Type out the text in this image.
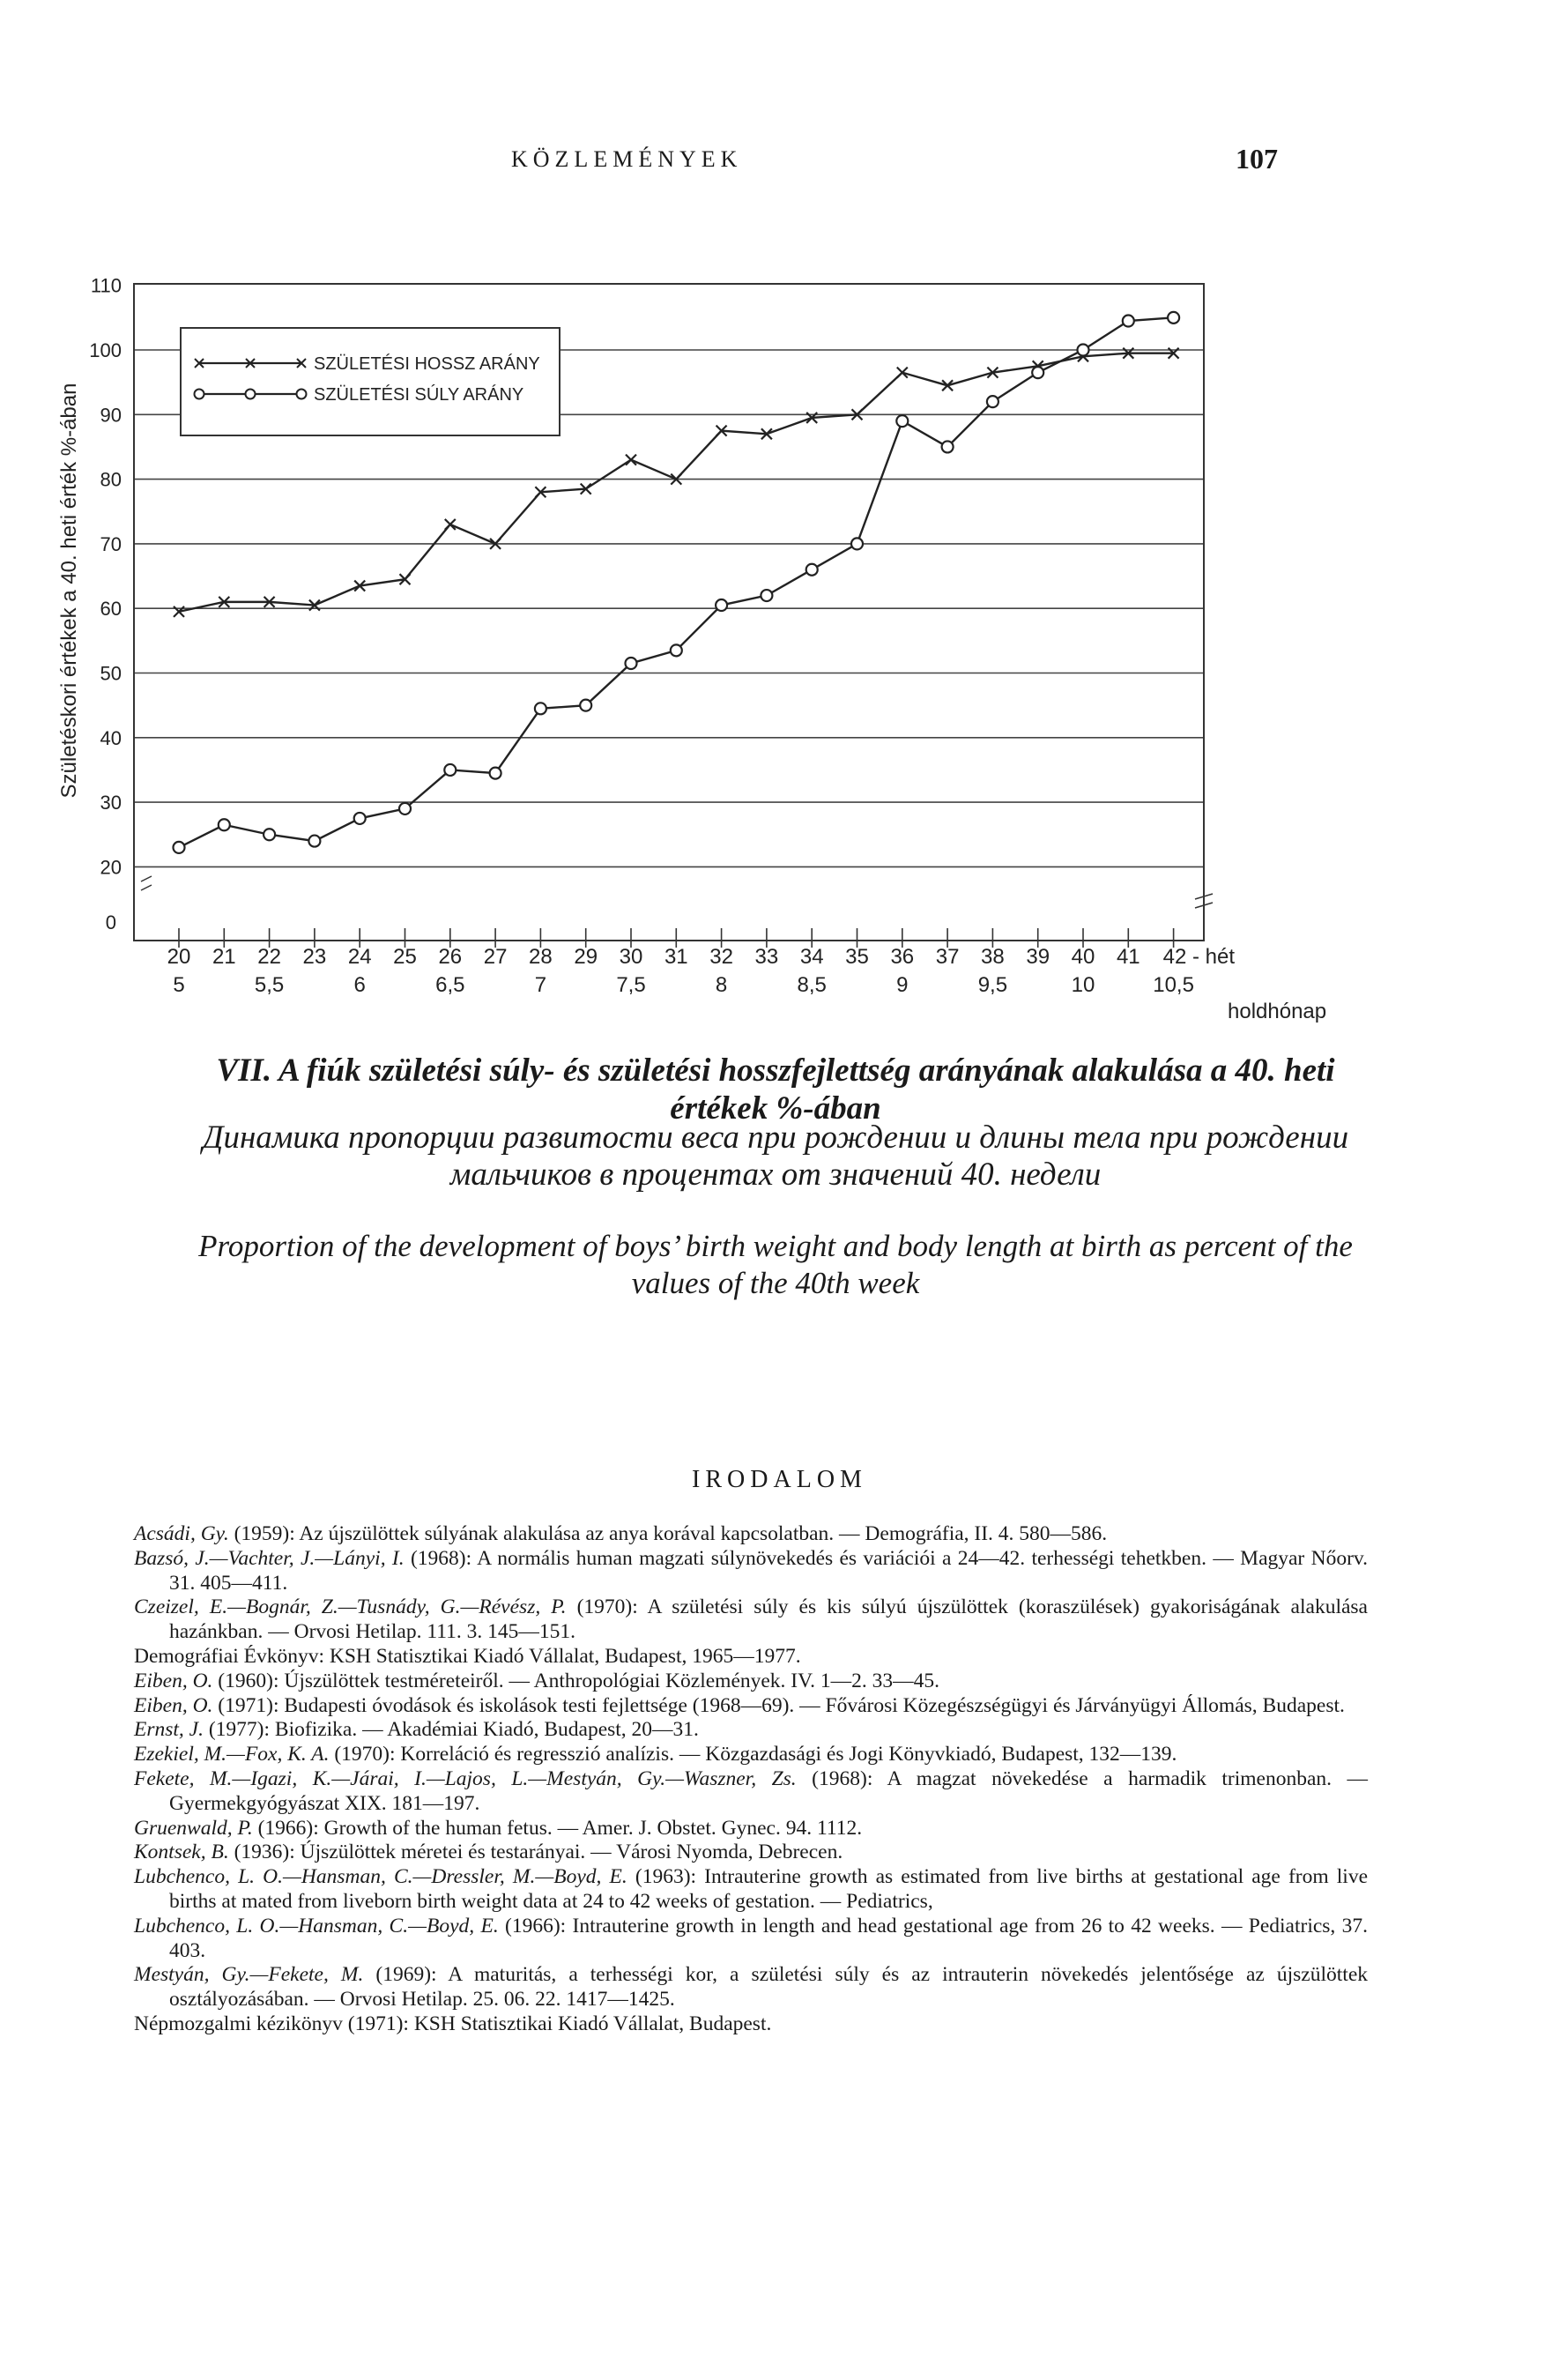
KÖZLEMÉNYEK	107
20
30
40
50
60
70
80
90
100
110
0
20 21 22 23 24 25 26 27 28 29 30 31 32 33 34 35 36 37 38 39 40 41 42 - hét
5	5,5	6	6,5	7	7,5	8	8,5	9	9,5	10	10,5
holdhónap
SZÜLETÉSI HOSSZ ARÁNY
SZÜLETÉSI SÚLY ARÁNY
Születéskori értékek a 40. heti érték %-ában
VII. A fiúk születési súly- és születési hosszfejlettség arányának alakulása a 40. heti értékek %-ában
Динамика пропорции развитости веса при рождении и длины тела при рождении мальчиков в процентах от значений 40. недели
Proportion of the development of boys’ birth weight and body length at birth as percent of the values of the 40th week
IRODALOM
Acsádi, Gy. (1959): Az újszülöttek súlyának alakulása az anya korával kapcsolatban. — Demográfia, II. 4. 580—586.
Bazsó, J.—Vachter, J.—Lányi, I. (1968): A normális human magzati súlynövekedés és variációi a 24—42. terhességi tehetkben. — Magyar Nőorv. 31. 405—411.
Czeizel, E.—Bognár, Z.—Tusnády, G.—Révész, P. (1970): A születési súly és kis súlyú újszülöttek (koraszülések) gyakoriságának alakulása hazánkban. — Orvosi Hetilap. 111. 3. 145—151.
Demográfiai Évkönyv: KSH Statisztikai Kiadó Vállalat, Budapest, 1965—1977.
Eiben, O. (1960): Újszülöttek testméreteiről. — Anthropológiai Közlemények. IV. 1—2. 33—45.
Eiben, O. (1971): Budapesti óvodások és iskolások testi fejlettsége (1968—69). — Fővárosi Közegészségügyi és Járványügyi Állomás, Budapest.
Ernst, J. (1977): Biofizika. — Akadémiai Kiadó, Budapest, 20—31.
Ezekiel, M.—Fox, K. A. (1970): Korreláció és regresszió analízis. — Közgazdasági és Jogi Könyvkiadó, Budapest, 132—139.
Fekete, M.—Igazi, K.—Járai, I.—Lajos, L.—Mestyán, Gy.—Waszner, Zs. (1968): A magzat növekedése a harmadik trimenonban. — Gyermekgyógyászat XIX. 181—197.
Gruenwald, P. (1966): Growth of the human fetus. — Amer. J. Obstet. Gynec. 94. 1112.
Kontsek, B. (1936): Újszülöttek méretei és testarányai. — Városi Nyomda, Debrecen.
Lubchenco, L. O.—Hansman, C.—Dressler, M.—Boyd, E. (1963): Intrauterine growth as estimated from live births at gestational age from live births at mated from liveborn birth weight data at 24 to 42 weeks of gestation. — Pediatrics,
Lubchenco, L. O.—Hansman, C.—Boyd, E. (1966): Intrauterine growth in length and head gestational age from 26 to 42 weeks. — Pediatrics, 37. 403.
Mestyán, Gy.—Fekete, M. (1969): A maturitás, a terhességi kor, a születési súly és az intrauterin növekedés jelentősége az újszülöttek osztályozásában. — Orvosi Hetilap. 25. 06. 22. 1417—1425.
Népmozgalmi kézikönyv (1971): KSH Statisztikai Kiadó Vállalat, Budapest.
